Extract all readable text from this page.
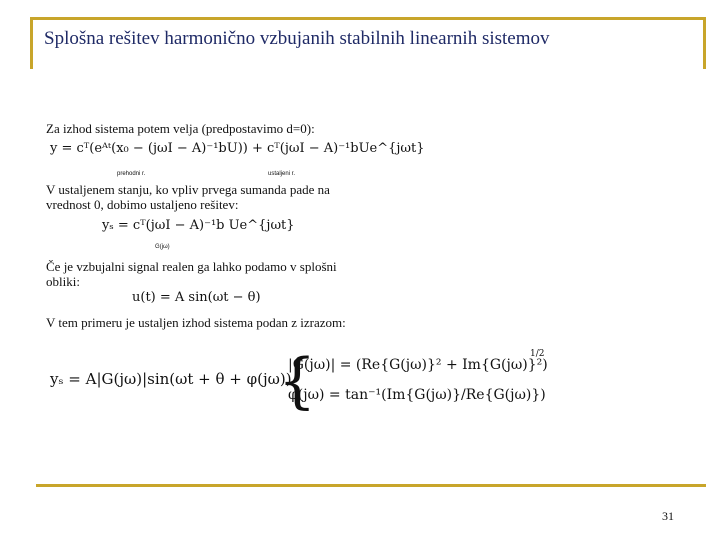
Splošna rešitev harmonično vzbujanih stabilnih linearnih sistemov
Za izhod sistema potem velja (predpostavimo d=0):
y = cᵀ(eᴬᵗ(x₀ − (jωI − A)⁻¹bU)) + cᵀ(jωI − A)⁻¹bUe^{jωt}
prehodni r.	ustaljeni r.
V ustaljenem stanju, ko vpliv prvega sumanda pade na vrednost 0, dobimo ustaljeno rešitev:
yₛ = cᵀ(jωI − A)⁻¹b Ue^{jωt}
G(jω)
Če je vzbujalni signal realen ga lahko podamo v splošni obliki:
u(t) = A sin(ωt − θ)
V tem primeru je ustaljen izhod sistema podan z izrazom:
yₛ = A|G(jω)|sin(ωt + θ + φ(jω))
{
|G(jω)| = (Re{G(jω)}² + Im{G(jω)}²)
1/2
φ(jω) = tan⁻¹(Im{G(jω)}/Re{G(jω)})
31
